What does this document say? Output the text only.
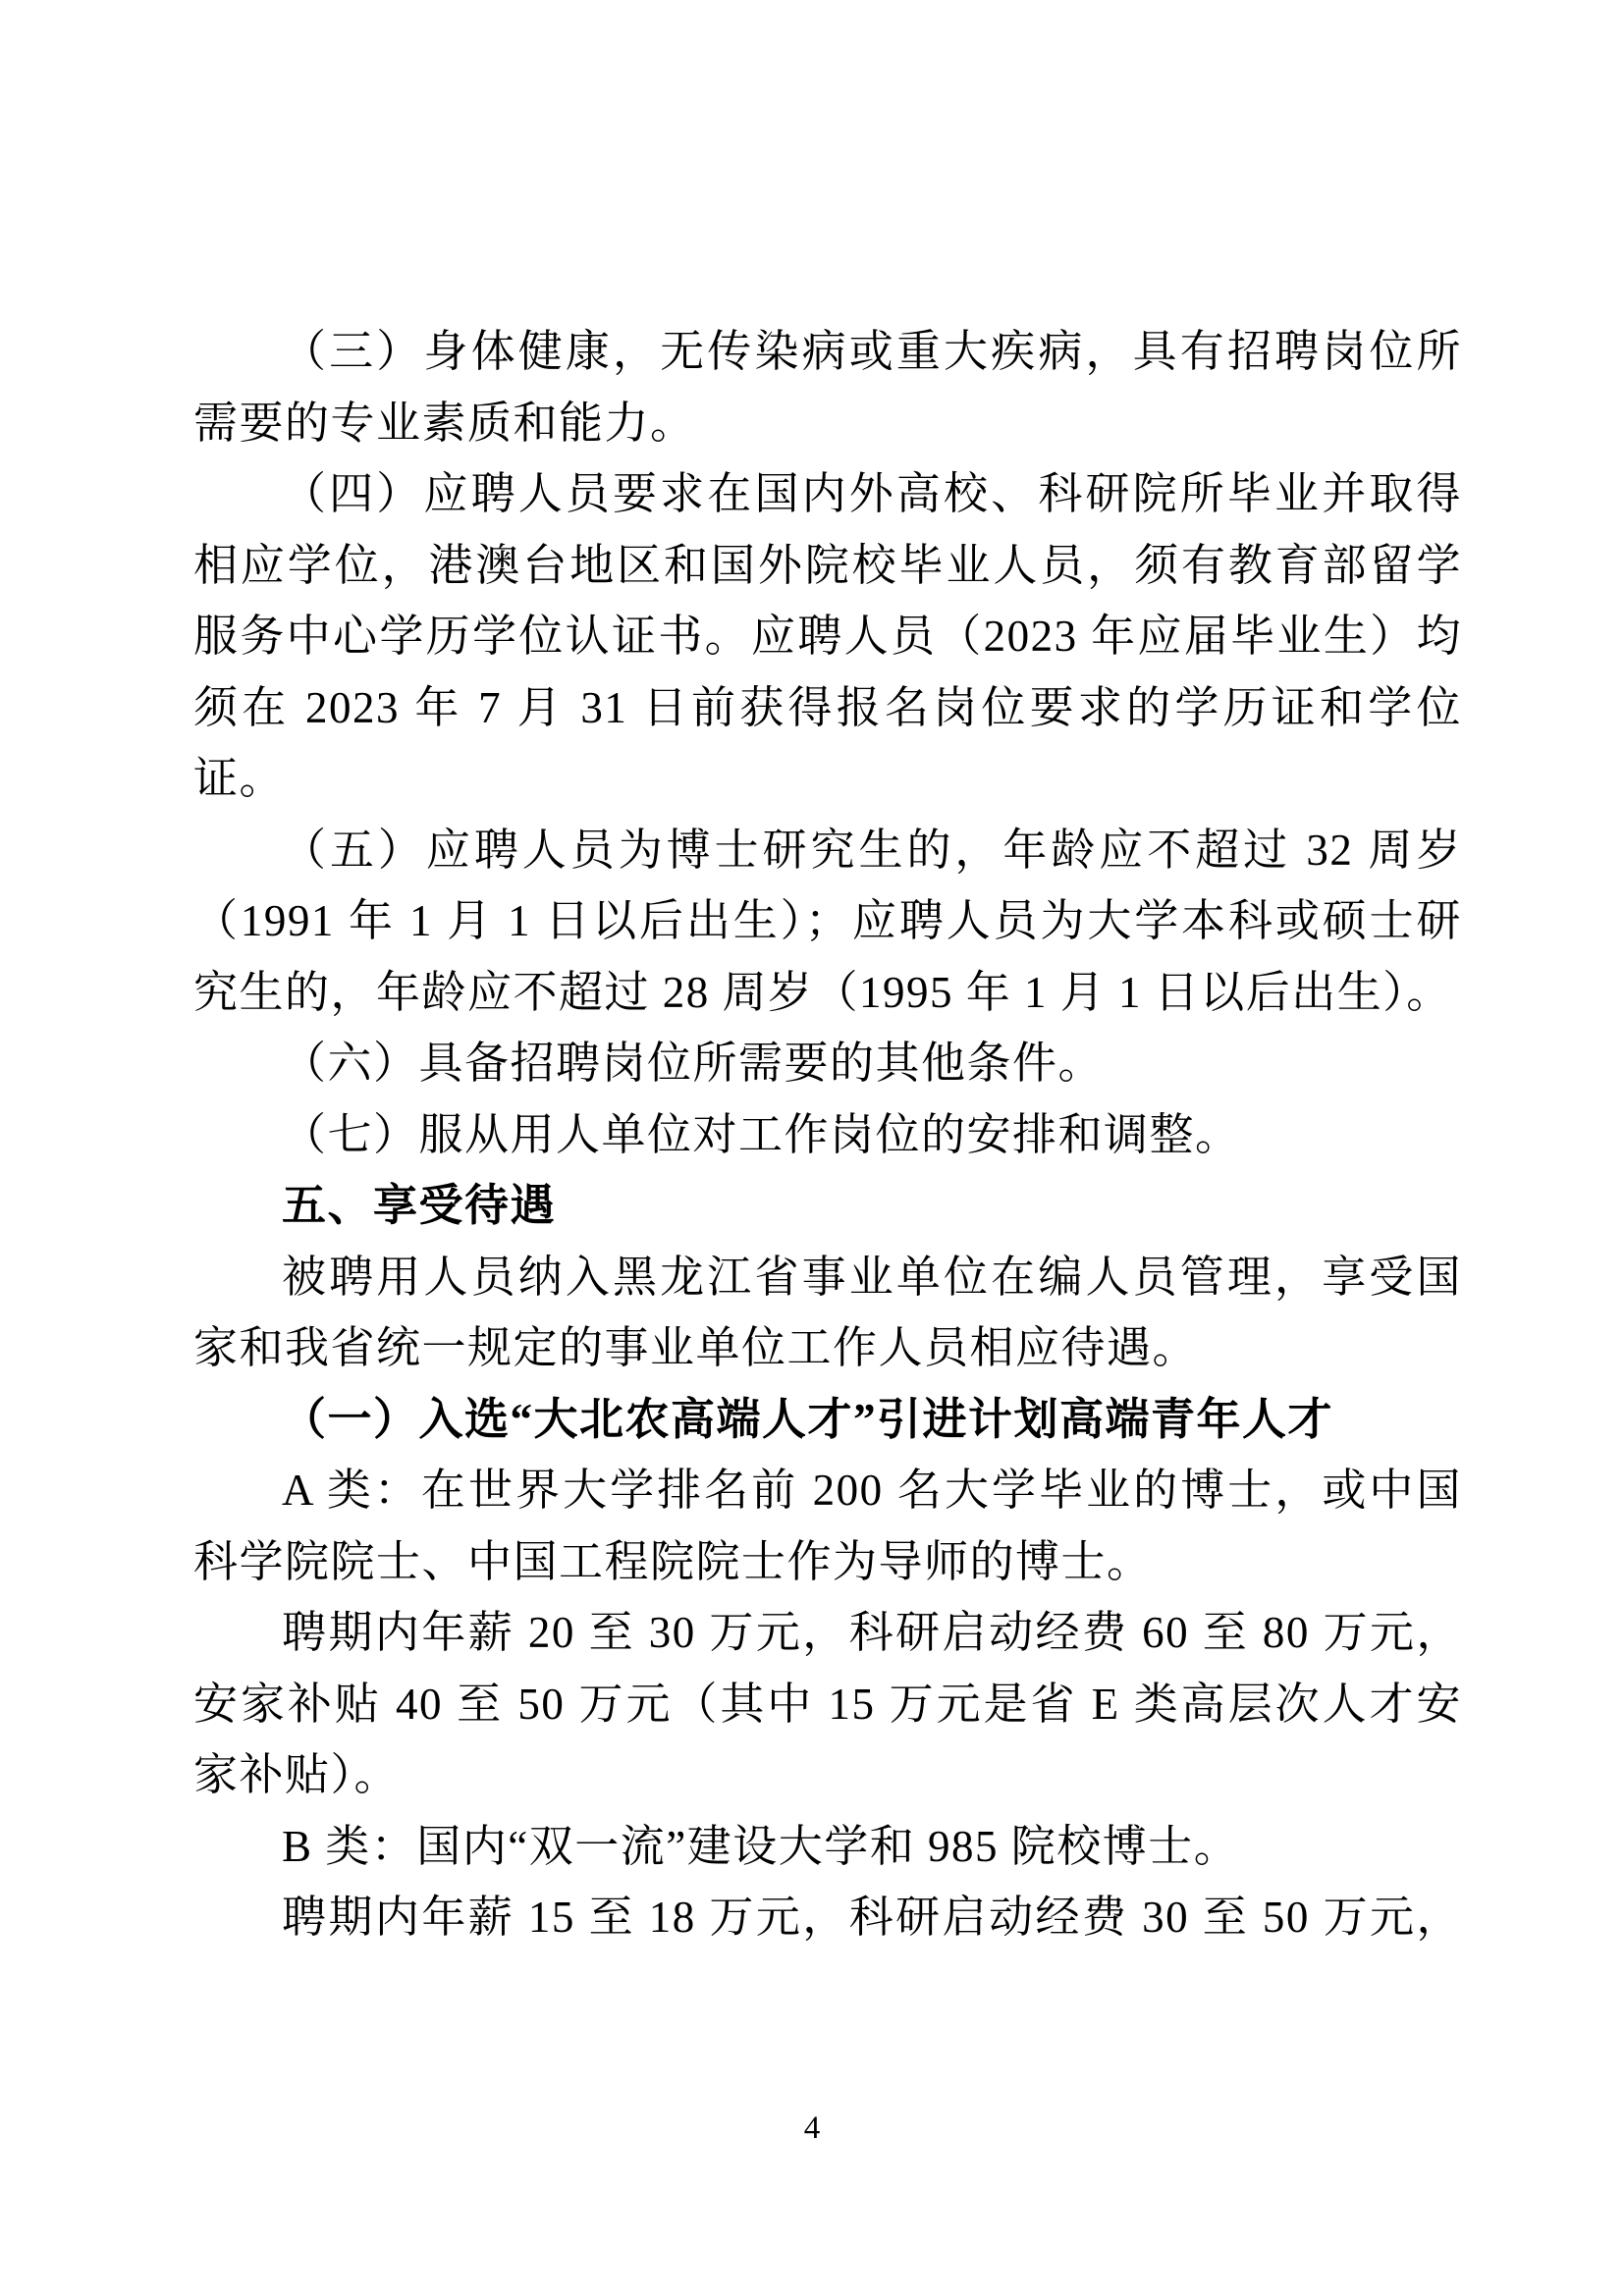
（三）身体健康，无传染病或重大疾病，具有招聘岗位所需要的专业素质和能力。

（四）应聘人员要求在国内外高校、科研院所毕业并取得相应学位，港澳台地区和国外院校毕业人员，须有教育部留学服务中心学历学位认证书。应聘人员（2023 年应届毕业生）均须在 2023 年 7 月 31 日前获得报名岗位要求的学历证和学位证。

（五）应聘人员为博士研究生的，年龄应不超过 32 周岁（1991 年 1 月 1 日以后出生）；应聘人员为大学本科或硕士研究生的，年龄应不超过 28 周岁（1995 年 1 月 1 日以后出生）。

（六）具备招聘岗位所需要的其他条件。

（七）服从用人单位对工作岗位的安排和调整。

五、享受待遇

被聘用人员纳入黑龙江省事业单位在编人员管理，享受国家和我省统一规定的事业单位工作人员相应待遇。

（一）入选“大北农高端人才”引进计划高端青年人才

A 类：在世界大学排名前 200 名大学毕业的博士，或中国科学院院士、中国工程院院士作为导师的博士。

聘期内年薪 20 至 30 万元，科研启动经费 60 至 80 万元，安家补贴 40 至 50 万元（其中 15 万元是省 E 类高层次人才安家补贴）。

B 类：国内“双一流”建设大学和 985 院校博士。

聘期内年薪 15 至 18 万元，科研启动经费 30 至 50 万元，

4
